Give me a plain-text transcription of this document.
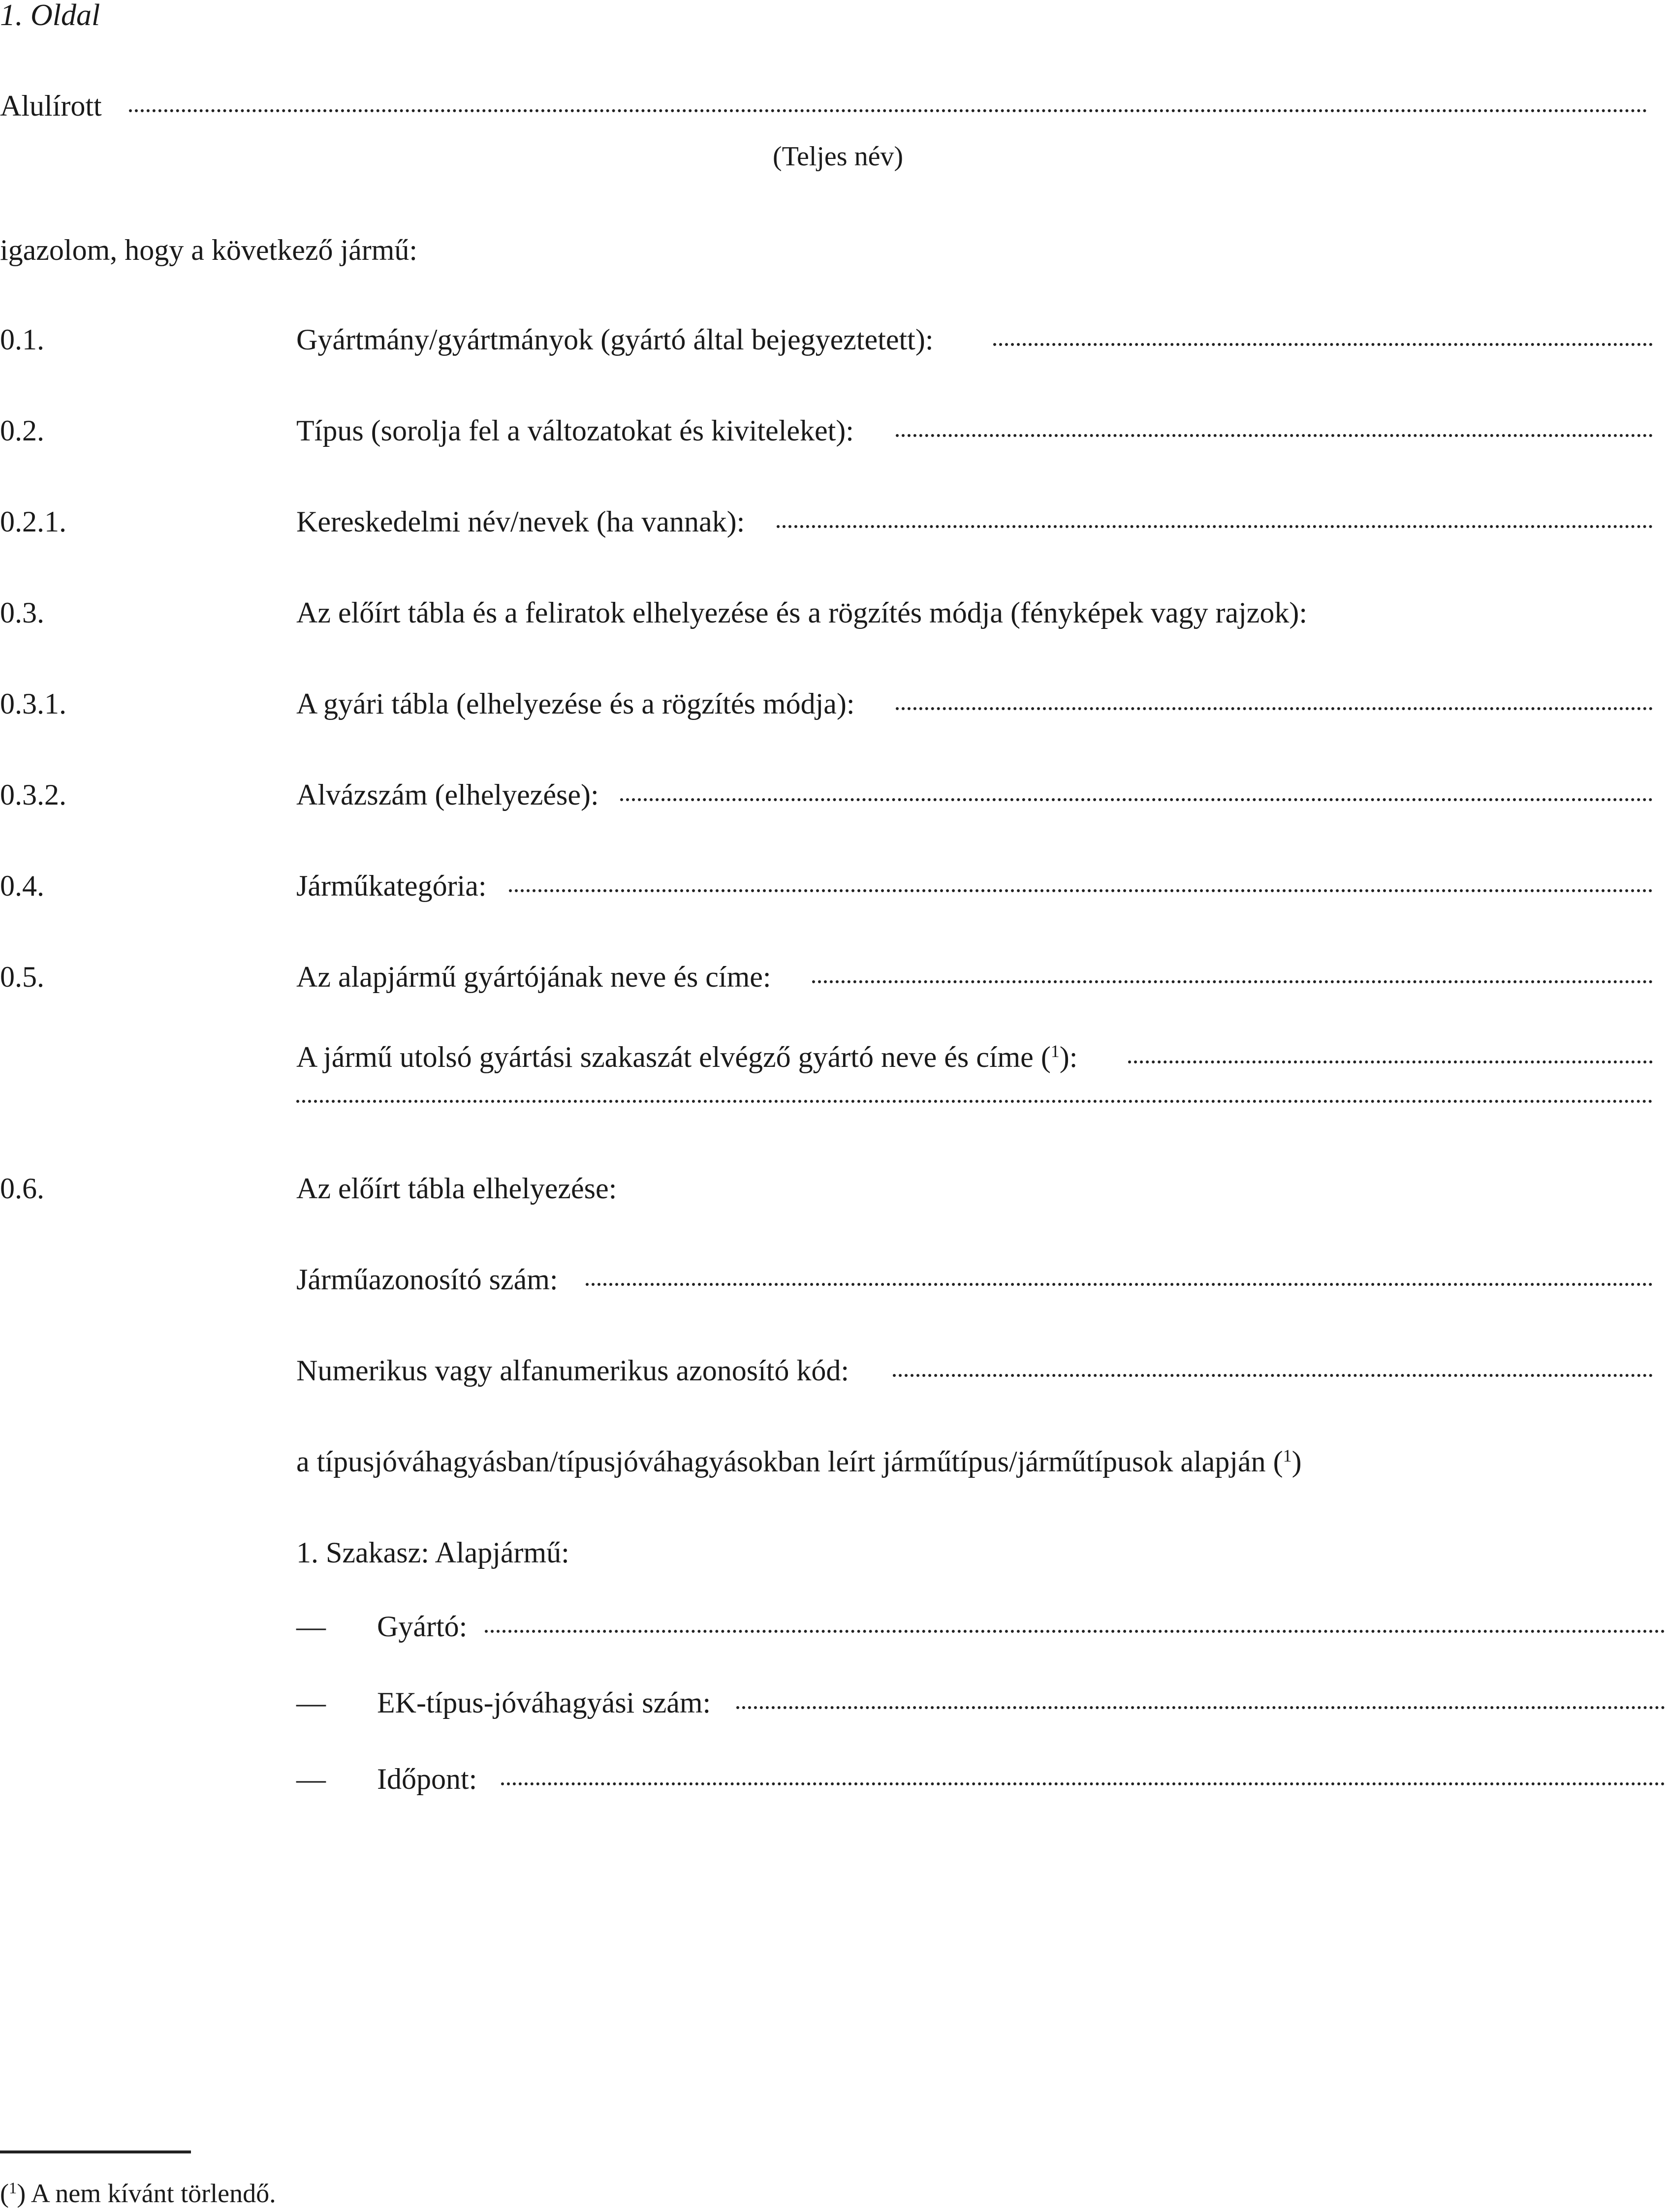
1. Oldal
Alulírott
(Teljes név)
igazolom, hogy a következő jármű:
0.1.	Gyártmány/gyártmányok (gyártó által bejegyeztetett):
0.2.	Típus (sorolja fel a változatokat és kiviteleket):
0.2.1.	Kereskedelmi név/nevek (ha vannak):
0.3.	Az előírt tábla és a feliratok elhelyezése és a rögzítés módja (fényképek vagy rajzok):
0.3.1.	A gyári tábla (elhelyezése és a rögzítés módja):
0.3.2.	Alvázszám (elhelyezése):
0.4.	Járműkategória:
0.5.	Az alapjármű gyártójának neve és címe:
A jármű utolsó gyártási szakaszát elvégző gyártó neve és címe ($^1$):
0.6.	Az előírt tábla elhelyezése:
Járműazonosító szám:
Numerikus vagy alfanumerikus azonosító kód:
a típusjóváhagyásban/típusjóváhagyásokban leírt járműtípus/járműtípusok alapján ($^1$)
1. Szakasz: Alapjármű:
— Gyártó:
— EK-típus-jóváhagyási szám:
— Időpont:
($^1$) A nem kívánt törlendő.
